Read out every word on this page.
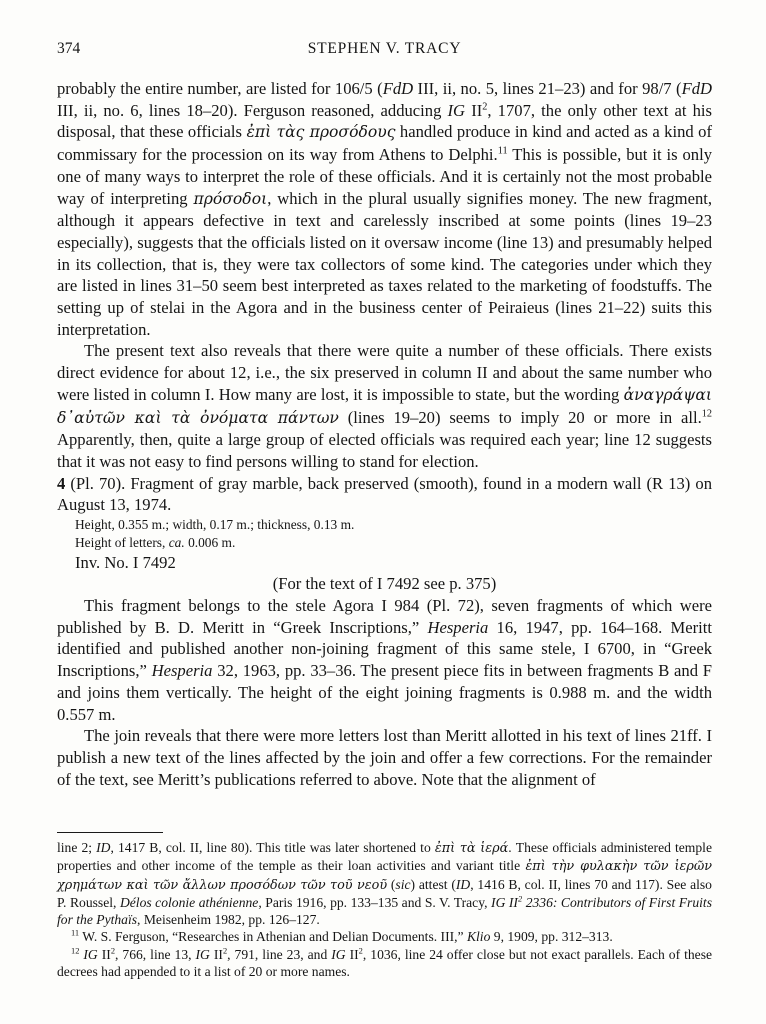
374	STEPHEN V. TRACY

probably the entire number, are listed for 106/5 (FdD III, ii, no. 5, lines 21–23) and for 98/7 (FdD III, ii, no. 6, lines 18–20). Ferguson reasoned, adducing IG $II^2$, 1707, the only other text at his disposal, that these officials ἐπὶ τὰς προσόδους handled produce in kind and acted as a kind of commissary for the procession on its way from Athens to Delphi.$^{11}$ This is possible, but it is only one of many ways to interpret the role of these officials. And it is certainly not the most probable way of interpreting πρόσοδοι, which in the plural usually signifies money. The new fragment, although it appears defective in text and carelessly inscribed at some points (lines 19–23 especially), suggests that the officials listed on it oversaw income (line 13) and presumably helped in its collection, that is, they were tax collectors of some kind. The categories under which they are listed in lines 31–50 seem best interpreted as taxes related to the marketing of foodstuffs. The setting up of stelai in the Agora and in the business center of Peiraieus (lines 21–22) suits this interpretation.

The present text also reveals that there were quite a number of these officials. There exists direct evidence for about 12, i.e., the six preserved in column II and about the same number who were listed in column I. How many are lost, it is impossible to state, but the wording ἀναγράψαι δ᾽αὐτῶν καὶ τὰ ὀνόματα πάντων (lines 19–20) seems to imply 20 or more in all.$^{12}$ Apparently, then, quite a large group of elected officials was required each year; line 12 suggests that it was not easy to find persons willing to stand for election.

4 (Pl. 70). Fragment of gray marble, back preserved (smooth), found in a modern wall (R 13) on August 13, 1974.

Height, 0.355 m.; width, 0.17 m.; thickness, 0.13 m.

Height of letters, ca. 0.006 m.

Inv. No. I 7492

(For the text of I 7492 see p. 375)

This fragment belongs to the stele Agora I 984 (Pl. 72), seven fragments of which were published by B. D. Meritt in “Greek Inscriptions,” Hesperia 16, 1947, pp. 164–168. Meritt identified and published another non-joining fragment of this same stele, I 6700, in “Greek Inscriptions,” Hesperia 32, 1963, pp. 33–36. The present piece fits in between fragments B and F and joins them vertically. The height of the eight joining fragments is 0.988 m. and the width 0.557 m.

The join reveals that there were more letters lost than Meritt allotted in his text of lines 21ff. I publish a new text of the lines affected by the join and offer a few corrections. For the remainder of the text, see Meritt’s publications referred to above. Note that the alignment of

line 2; ID, 1417 B, col. II, line 80). This title was later shortened to ἐπὶ τὰ ἱερά. These officials administered temple properties and other income of the temple as their loan activities and variant title ἐπὶ τὴν φυλακὴν τῶν ἱερῶν χρημάτων καὶ τῶν ἄλλων προσόδων τῶν τοῦ νεοῦ (sic) attest (ID, 1416 B, col. II, lines 70 and 117). See also P. Roussel, Délos colonie athénienne, Paris 1916, pp. 133–135 and S. V. Tracy, IG $II^2$ 2336: Contributors of First Fruits for the Pythaïs, Meisenheim 1982, pp. 126–127.

$^{11}$ W. S. Ferguson, “Researches in Athenian and Delian Documents. III,” Klio 9, 1909, pp. 312–313.

$^{12}$ IG $II^2$, 766, line 13, IG $II^2$, 791, line 23, and IG $II^2$, 1036, line 24 offer close but not exact parallels. Each of these decrees had appended to it a list of 20 or more names.
